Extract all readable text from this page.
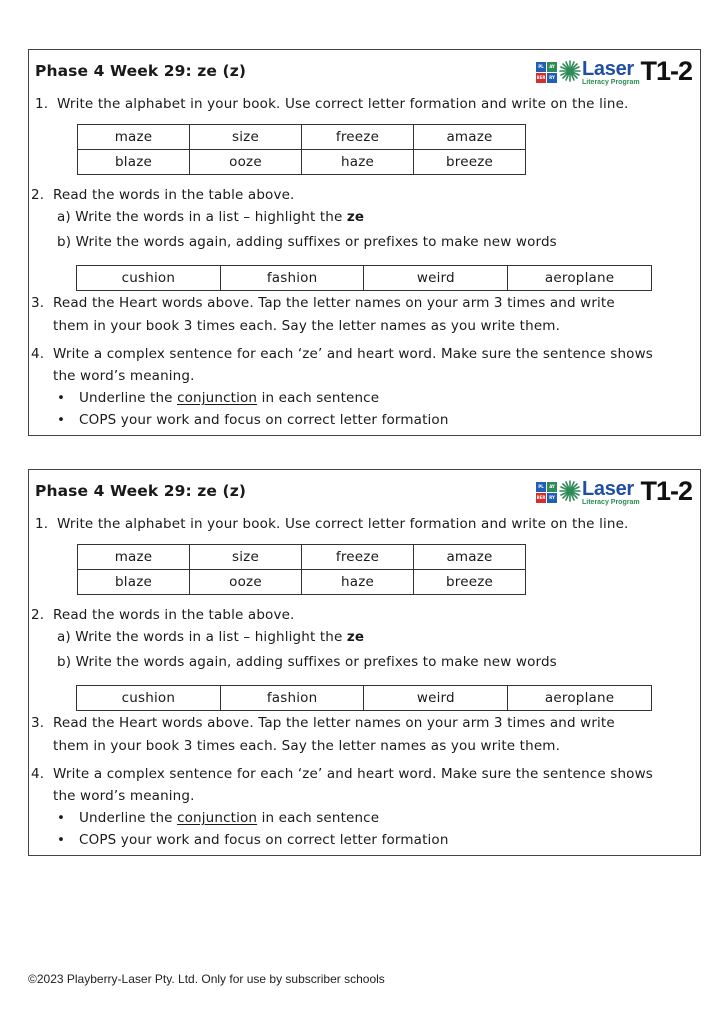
Phase 4 Week 29: ze (z)	PL	AY
BER RY Laser
Literacy Program T1-2
1. Write the alphabet in your book. Use correct letter formation and write on the line.
maze	size	freeze	amaze
blaze	ooze	haze	breeze
2. Read the words in the table above.
a) Write the words in a list – highlight the ze
b) Write the words again, adding suffixes or prefixes to make new words
cushion	fashion	weird	aeroplane
3. Read the Heart words above. Tap the letter names on your arm 3 times and write
them in your book 3 times each. Say the letter names as you write them.
4. Write a complex sentence for each ‘ze’ and heart word. Make sure the sentence shows
the word’s meaning.
• Underline the conjunction in each sentence
• COPS your work and focus on correct letter formation
Phase 4 Week 29: ze (z)	PL	AY
BER RY Laser
Literacy Program T1-2
1. Write the alphabet in your book. Use correct letter formation and write on the line.
maze	size	freeze	amaze
blaze	ooze	haze	breeze
2. Read the words in the table above.
a) Write the words in a list – highlight the ze
b) Write the words again, adding suffixes or prefixes to make new words
cushion	fashion	weird	aeroplane
3. Read the Heart words above. Tap the letter names on your arm 3 times and write
them in your book 3 times each. Say the letter names as you write them.
4. Write a complex sentence for each ‘ze’ and heart word. Make sure the sentence shows
the word’s meaning.
• Underline the conjunction in each sentence
• COPS your work and focus on correct letter formation
©2023 Playberry-Laser Pty. Ltd. Only for use by subscriber schools
